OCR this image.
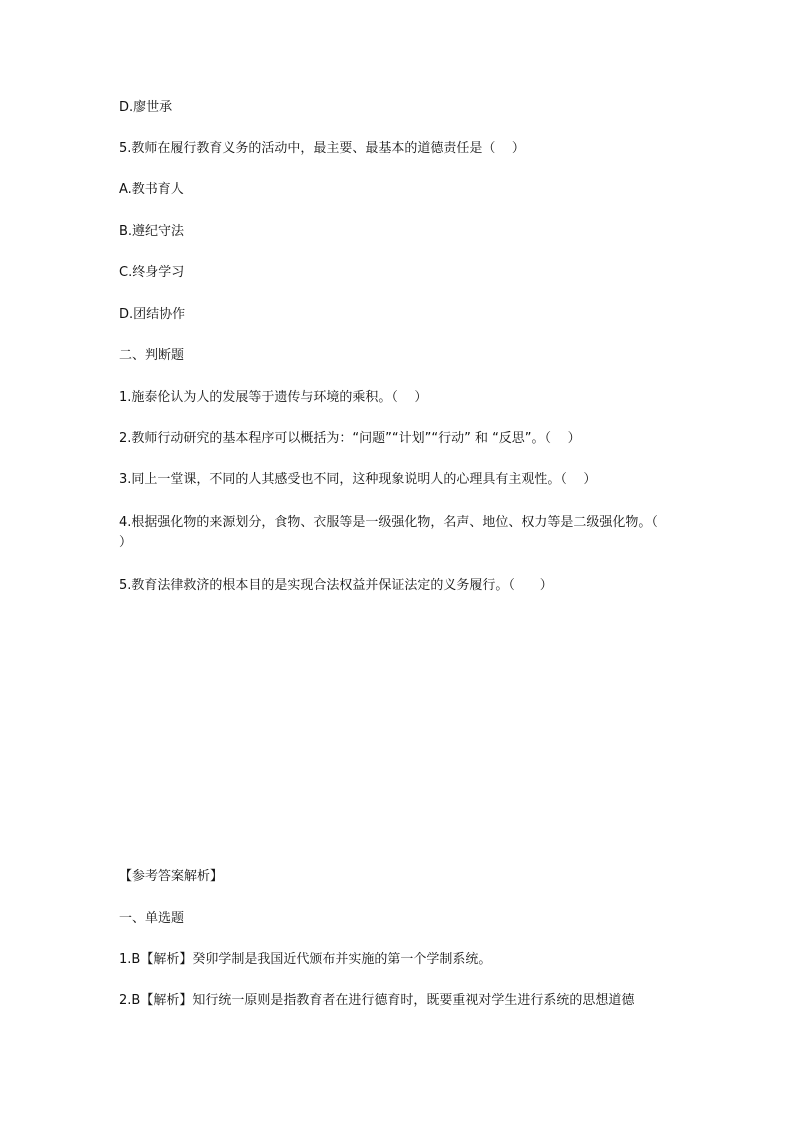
D.廖世承
5.教师在履行教育义务的活动中，最主要、最基本的道德责任是（    ）
A.教书育人
B.遵纪守法
C.终身学习
D.团结协作
二、判断题
1.施泰伦认为人的发展等于遗传与环境的乘积。（    ）
2.教师行动研究的基本程序可以概括为：“问题”“计划”“行动” 和 “反思”。（    ）
3.同上一堂课，不同的人其感受也不同，这种现象说明人的心理具有主观性。（    ）
4.根据强化物的来源划分，食物、衣服等是一级强化物，名声、地位、权力等是二级强化物。（    ）
5.教育法律救济的根本目的是实现合法权益并保证法定的义务履行。（      ）
【参考答案解析】
一、单选题
1.B【解析】癸卯学制是我国近代颁布并实施的第一个学制系统。
2.B【解析】知行统一原则是指教育者在进行德育时，既要重视对学生进行系统的思想道德
